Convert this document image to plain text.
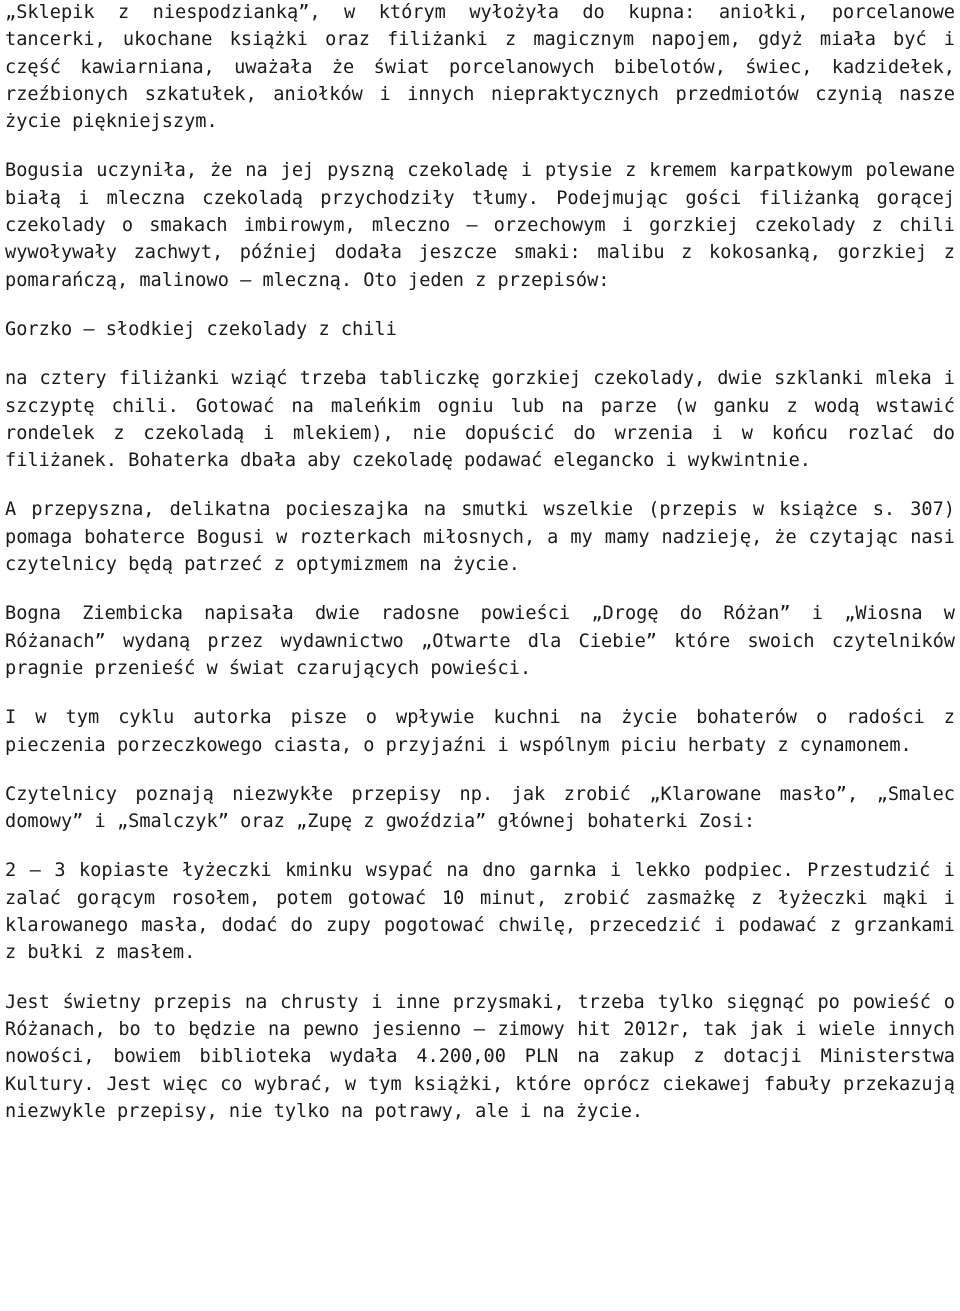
„Sklepik z niespodzianką”, w którym wyłożyła do kupna: aniołki, porcelanowe tancerki, ukochane książki oraz filiżanki z magicznym napojem, gdyż miała być i część kawiarniana, uważała że świat porcelanowych bibelotów, świec, kadzidełek, rzeźbionych szkatułek, aniołków i innych niepraktycznych przedmiotów czynią nasze życie piękniejszym.

Bogusia uczyniła, że na jej pyszną czekoladę i ptysie z kremem karpatkowym polewane białą i mleczna czekoladą przychodziły tłumy. Podejmując gości filiżanką gorącej czekolady o smakach imbirowym, mleczno – orzechowym i gorzkiej czekolady z chili wywoływały zachwyt, później dodała jeszcze smaki: malibu z kokosanką, gorzkiej z pomarańczą, malinowo – mleczną. Oto jeden z przepisów:

Gorzko – słodkiej czekolady z chili

na cztery filiżanki wziąć trzeba tabliczkę gorzkiej czekolady, dwie szklanki mleka i szczyptę chili. Gotować na maleńkim ogniu lub na parze (w ganku z wodą wstawić rondelek z czekoladą i mlekiem), nie dopuścić do wrzenia i w końcu rozlać do filiżanek. Bohaterka dbała aby czekoladę podawać elegancko i wykwintnie.

A przepyszna, delikatna pocieszajka na smutki wszelkie (przepis w książce s. 307) pomaga bohaterce Bogusi w rozterkach miłosnych, a my mamy nadzieję, że czytając nasi czytelnicy będą patrzeć z optymizmem na życie.

Bogna Ziembicka napisała dwie radosne powieści „Drogę do Różan” i „Wiosna w Różanach” wydaną przez wydawnictwo „Otwarte dla Ciebie” które swoich czytelników pragnie przenieść w świat czarujących powieści.

I w tym cyklu autorka pisze o wpływie kuchni na życie bohaterów o radości z pieczenia porzeczkowego ciasta, o przyjaźni i wspólnym piciu herbaty z cynamonem.

Czytelnicy poznają niezwykłe przepisy np. jak zrobić „Klarowane masło”, „Smalec domowy” i „Smalczyk” oraz „Zupę z gwoździa” głównej bohaterki Zosi:

2 – 3 kopiaste łyżeczki kminku wsypać na dno garnka i lekko podpiec. Przestudzić i zalać gorącym rosołem, potem gotować 10 minut, zrobić zasmażkę z łyżeczki mąki i klarowanego masła, dodać do zupy pogotować chwilę, przecedzić i podawać z grzankami z bułki z masłem.

Jest świetny przepis na chrusty i inne przysmaki, trzeba tylko sięgnąć po powieść o Różanach, bo to będzie na pewno jesienno – zimowy hit 2012r, tak jak i wiele innych nowości, bowiem biblioteka wydała 4.200,00 PLN na zakup z dotacji Ministerstwa Kultury. Jest więc co wybrać, w tym książki, które oprócz ciekawej fabuły przekazują niezwykle przepisy, nie tylko na potrawy, ale i na życie.
